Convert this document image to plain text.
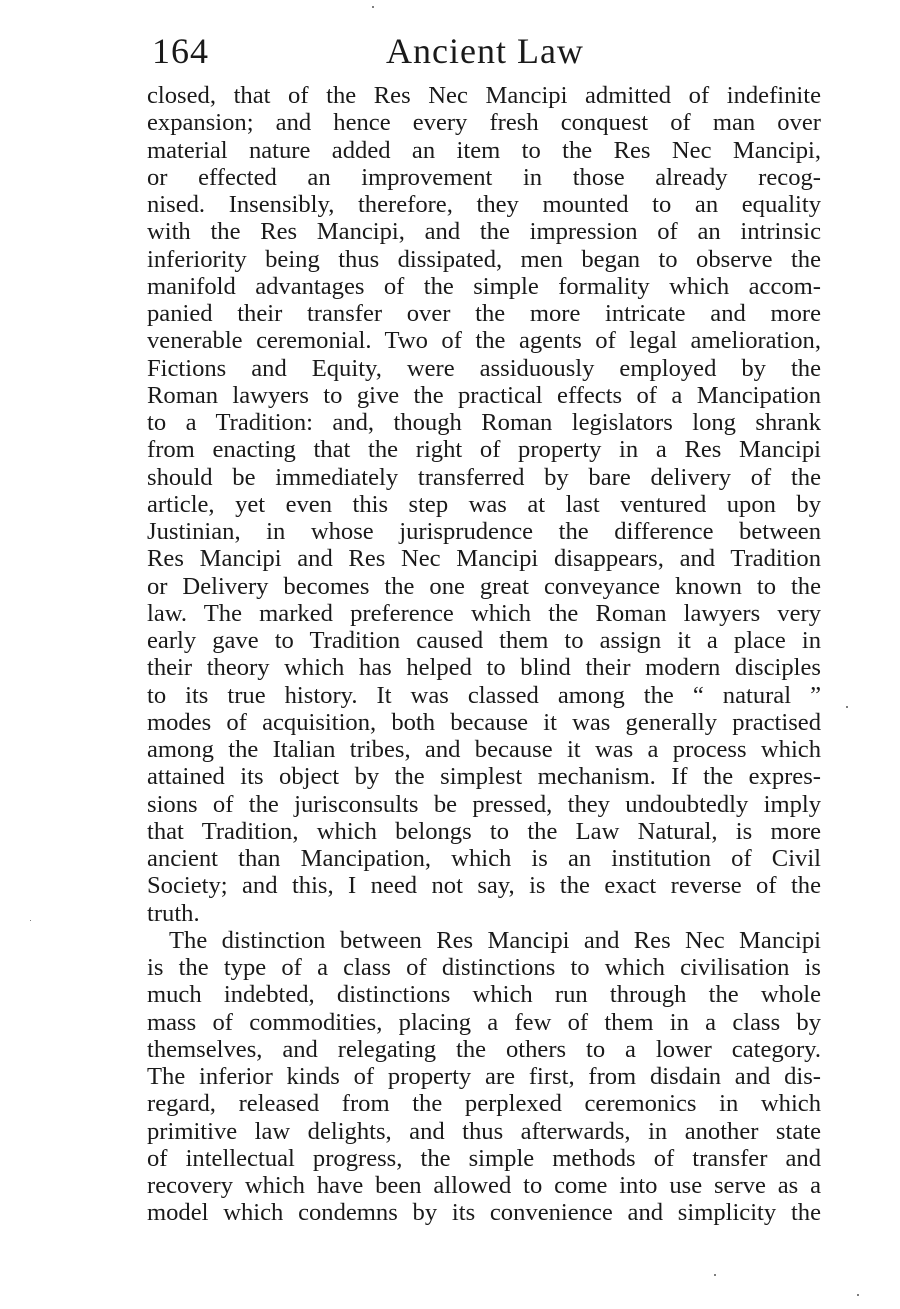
164	Ancient Law
closed, that of the Res Nec Mancipi admitted of indefinite
expansion; and hence every fresh conquest of man over
material nature added an item to the Res Nec Mancipi,
or effected an improvement in those already recog-
nised. Insensibly, therefore, they mounted to an equality
with the Res Mancipi, and the impression of an intrinsic
inferiority being thus dissipated, men began to observe the
manifold advantages of the simple formality which accom-
panied their transfer over the more intricate and more
venerable ceremonial. Two of the agents of legal amelioration,
Fictions and Equity, were assiduously employed by the
Roman lawyers to give the practical effects of a Mancipation
to a Tradition: and, though Roman legislators long shrank
from enacting that the right of property in a Res Mancipi
should be immediately transferred by bare delivery of the
article, yet even this step was at last ventured upon by
Justinian, in whose jurisprudence the difference between
Res Mancipi and Res Nec Mancipi disappears, and Tradition
or Delivery becomes the one great conveyance known to the
law. The marked preference which the Roman lawyers very
early gave to Tradition caused them to assign it a place in
their theory which has helped to blind their modern disciples
to its true history. It was classed among the “ natural ”
modes of acquisition, both because it was generally practised
among the Italian tribes, and because it was a process which
attained its object by the simplest mechanism. If the expres-
sions of the jurisconsults be pressed, they undoubtedly imply
that Tradition, which belongs to the Law Natural, is more
ancient than Mancipation, which is an institution of Civil
Society; and this, I need not say, is the exact reverse of the
truth.
The distinction between Res Mancipi and Res Nec Mancipi
is the type of a class of distinctions to which civilisation is
much indebted, distinctions which run through the whole
mass of commodities, placing a few of them in a class by
themselves, and relegating the others to a lower category.
The inferior kinds of property are first, from disdain and dis-
regard, released from the perplexed ceremonics in which
primitive law delights, and thus afterwards, in another state
of intellectual progress, the simple methods of transfer and
recovery which have been allowed to come into use serve as a
model which condemns by its convenience and simplicity the
